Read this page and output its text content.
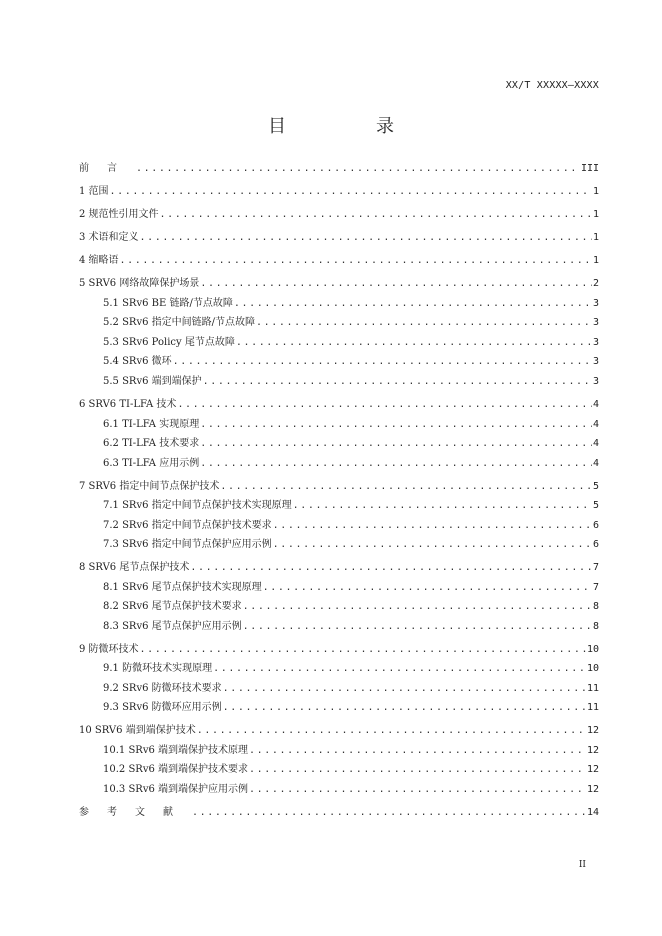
XX/T XXXXX—XXXX
目　录
前言 .....	III
1 范围 .....	1
2 规范性引用文件 .....	1
3 术语和定义 .....	1
4 缩略语 .....	1
5 SRV6 网络故障保护场景 .....	2
5.1 SRv6 BE 链路/节点故障 .....	3
5.2 SRv6 指定中间链路/节点故障 .....	3
5.3 SRv6 Policy 尾节点故障 .....	3
5.4 SRv6 微环 .....	3
5.5 SRv6 端到端保护 .....	3
6 SRV6 TI-LFA 技术 .....	4
6.1 TI-LFA 实现原理 .....	4
6.2 TI-LFA 技术要求 .....	4
6.3 TI-LFA 应用示例 .....	4
7 SRV6 指定中间节点保护技术 .....	5
7.1 SRv6 指定中间节点保护技术实现原理 .....	5
7.2 SRv6 指定中间节点保护技术要求 .....	6
7.3 SRv6 指定中间节点保护应用示例 .....	6
8 SRV6 尾节点保护技术 .....	7
8.1 SRv6 尾节点保护技术实现原理 .....	7
8.2 SRv6 尾节点保护技术要求 .....	8
8.3 SRv6 尾节点保护应用示例 .....	8
9 防微环技术 .....	10
9.1 防微环技术实现原理 .....	10
9.2 SRv6 防微环技术要求 .....	11
9.3 SRv6 防微环应用示例 .....	11
10 SRV6 端到端保护技术 .....	12
10.1 SRv6 端到端保护技术原理 .....	12
10.2 SRv6 端到端保护技术要求 .....	12
10.3 SRv6 端到端保护应用示例 .....	12
参考文献 .....	14
II
